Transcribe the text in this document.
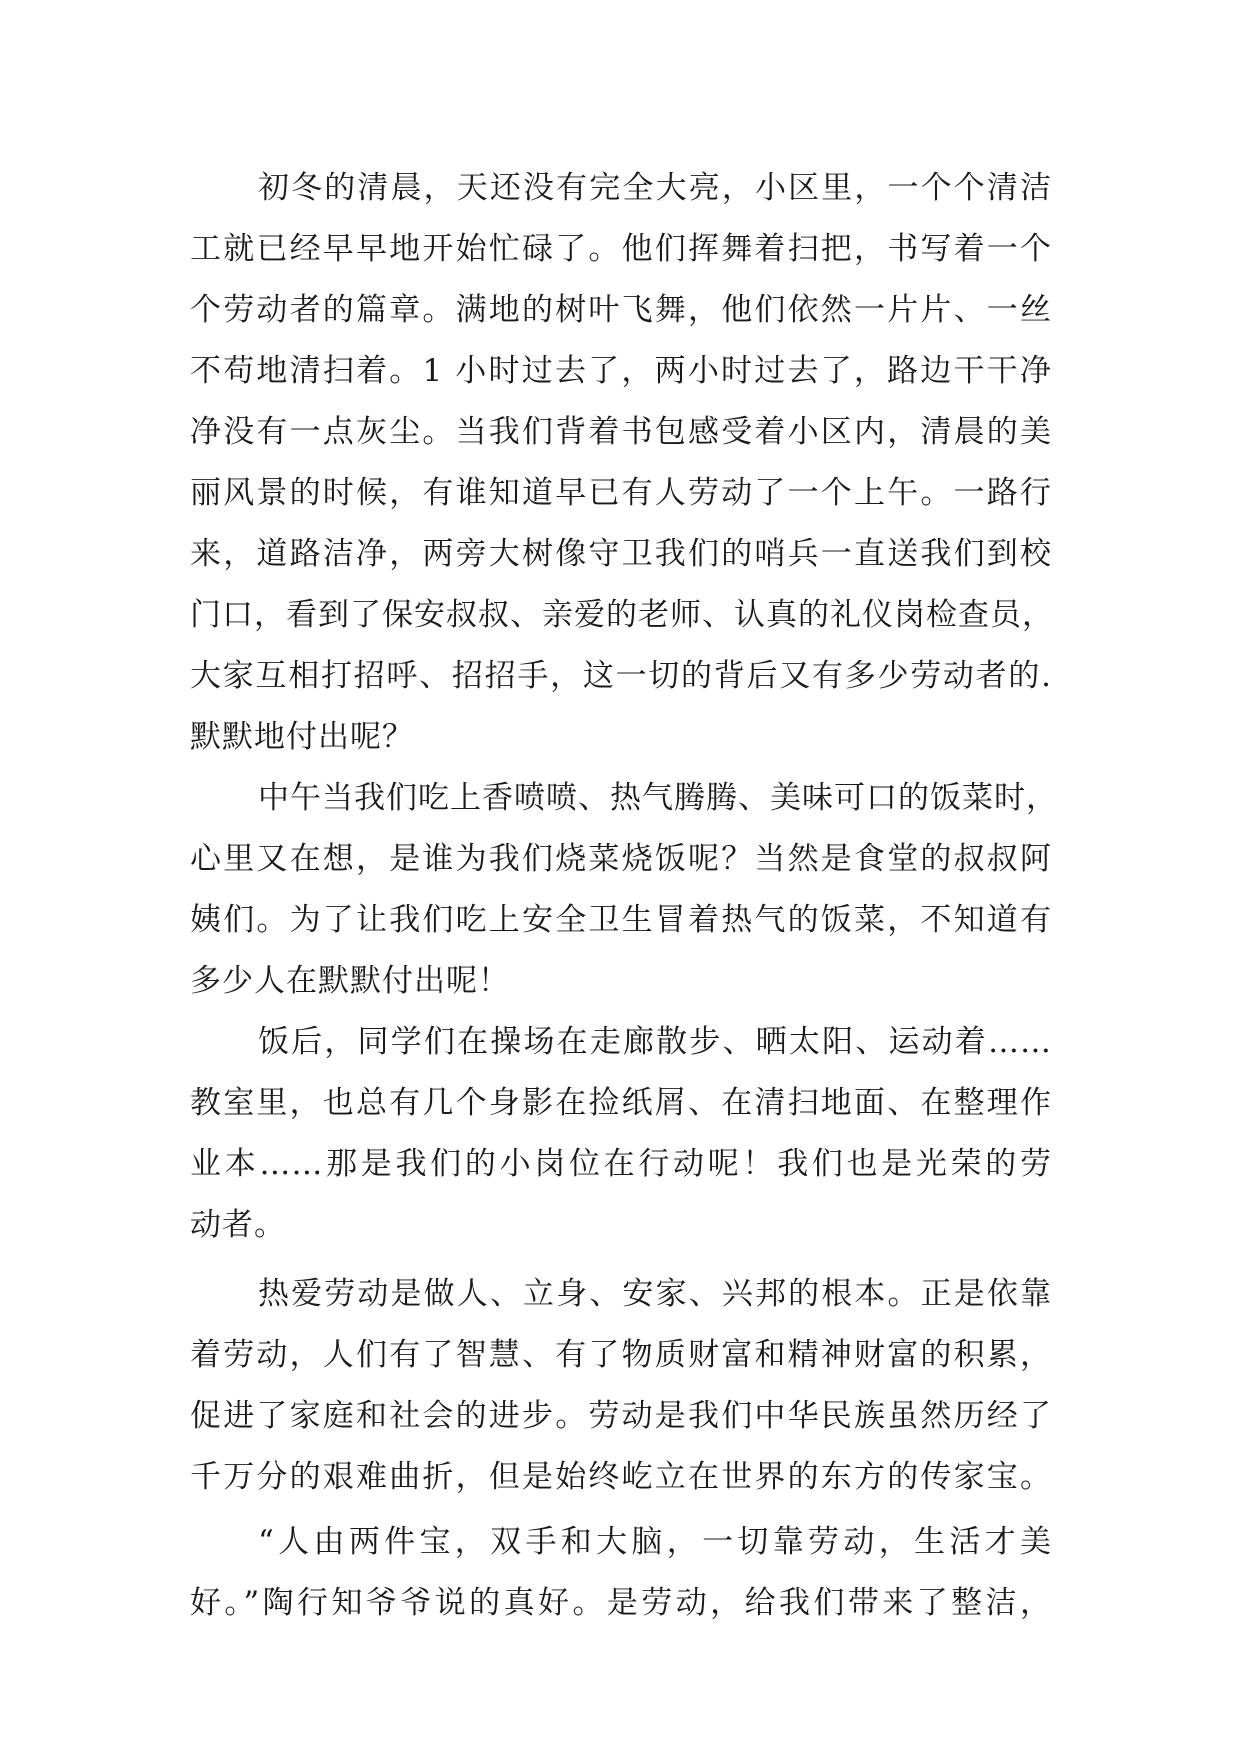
初冬的清晨，天还没有完全大亮，小区里，一个个清洁
工就已经早早地开始忙碌了。他们挥舞着扫把，书写着一个
个劳动者的篇章。满地的树叶飞舞，他们依然一片片、一丝
不苟地清扫着。1 小时过去了，两小时过去了，路边干干净
净没有一点灰尘。当我们背着书包感受着小区内，清晨的美
丽风景的时候，有谁知道早已有人劳动了一个上午。一路行
来，道路洁净，两旁大树像守卫我们的哨兵一直送我们到校
门口，看到了保安叔叔、亲爱的老师、认真的礼仪岗检查员，
大家互相打招呼、招招手，这一切的背后又有多少劳动者的.
默默地付出呢？
中午当我们吃上香喷喷、热气腾腾、美味可口的饭菜时，
心里又在想，是谁为我们烧菜烧饭呢？当然是食堂的叔叔阿
姨们。为了让我们吃上安全卫生冒着热气的饭菜，不知道有
多少人在默默付出呢！
饭后，同学们在操场在走廊散步、晒太阳、运动着……
教室里，也总有几个身影在捡纸屑、在清扫地面、在整理作
业本……那是我们的小岗位在行动呢！我们也是光荣的劳
动者。
热爱劳动是做人、立身、安家、兴邦的根本。正是依靠
着劳动，人们有了智慧、有了物质财富和精神财富的积累，
促进了家庭和社会的进步。劳动是我们中华民族虽然历经了
千万分的艰难曲折，但是始终屹立在世界的东方的传家宝。
“人由两件宝，双手和大脑，一切靠劳动，生活才美
好。”陶行知爷爷说的真好。是劳动，给我们带来了整洁，
